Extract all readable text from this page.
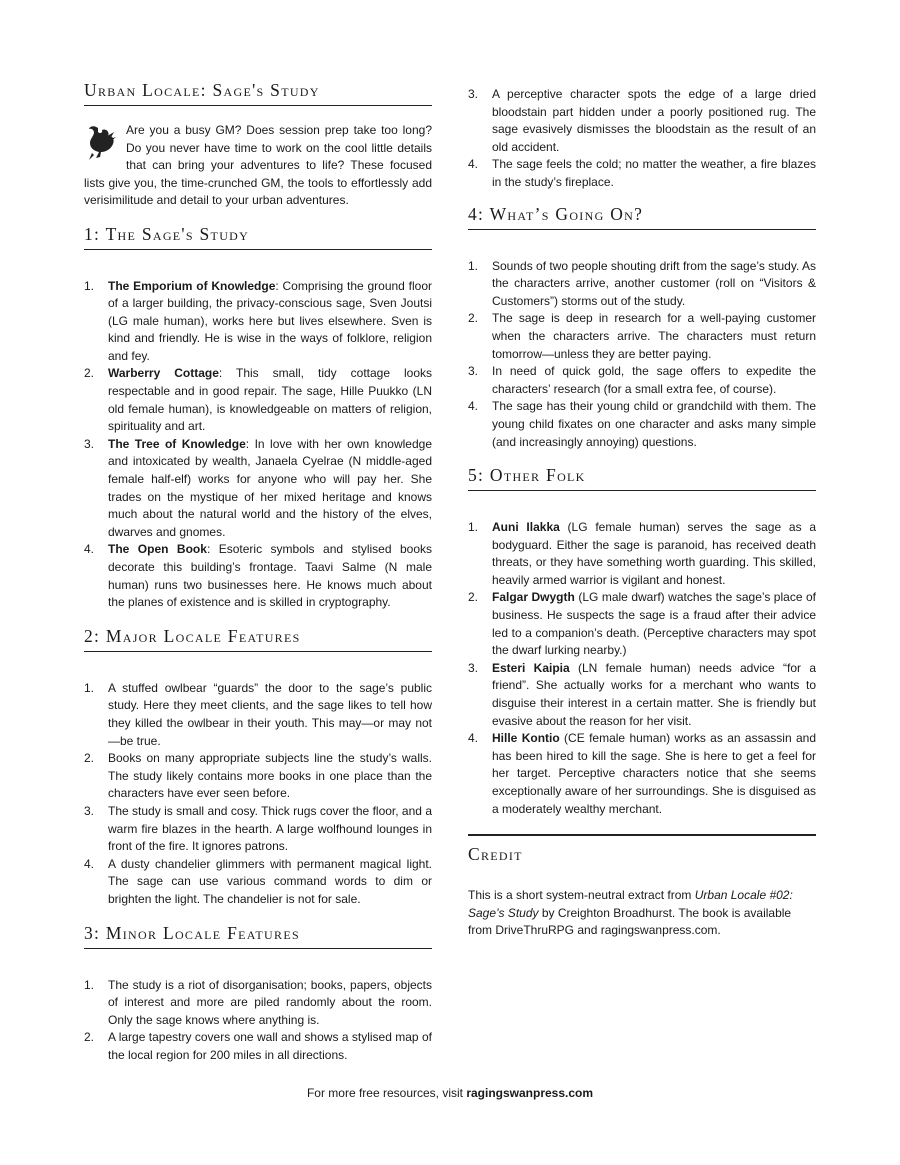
Urban Locale: Sage's Study
Are you a busy GM? Does session prep take too long? Do you never have time to work on the cool little details that can bring your adventures to life? These focused lists give you, the time-crunched GM, the tools to effortlessly add verisimilitude and detail to your urban adventures.
1: The Sage's Study
1. The Emporium of Knowledge: Comprising the ground floor of a larger building, the privacy-conscious sage, Sven Joutsi (LG male human), works here but lives elsewhere. Sven is kind and friendly. He is wise in the ways of folklore, religion and fey.
2. Warberry Cottage: This small, tidy cottage looks respectable and in good repair. The sage, Hille Puukko (LN old female human), is knowledgeable on matters of religion, spirituality and art.
3. The Tree of Knowledge: In love with her own knowledge and intoxicated by wealth, Janaela Cyelrae (N middle-aged female half-elf) works for anyone who will pay her. She trades on the mystique of her mixed heritage and knows much about the natural world and the history of the elves, dwarves and gnomes.
4. The Open Book: Esoteric symbols and stylised books decorate this building’s frontage. Taavi Salme (N male human) runs two businesses here. He knows much about the planes of existence and is skilled in cryptography.
2: Major Locale Features
1. A stuffed owlbear “guards” the door to the sage’s public study. Here they meet clients, and the sage likes to tell how they killed the owlbear in their youth. This may—or may not—be true.
2. Books on many appropriate subjects line the study’s walls. The study likely contains more books in one place than the characters have ever seen before.
3. The study is small and cosy. Thick rugs cover the floor, and a warm fire blazes in the hearth. A large wolfhound lounges in front of the fire. It ignores patrons.
4. A dusty chandelier glimmers with permanent magical light. The sage can use various command words to dim or brighten the light. The chandelier is not for sale.
3: Minor Locale Features
1. The study is a riot of disorganisation; books, papers, objects of interest and more are piled randomly about the room. Only the sage knows where anything is.
2. A large tapestry covers one wall and shows a stylised map of the local region for 200 miles in all directions.
3. A perceptive character spots the edge of a large dried bloodstain part hidden under a poorly positioned rug. The sage evasively dismisses the bloodstain as the result of an old accident.
4. The sage feels the cold; no matter the weather, a fire blazes in the study’s fireplace.
4: What’s Going On?
1. Sounds of two people shouting drift from the sage’s study. As the characters arrive, another customer (roll on “Visitors & Customers”) storms out of the study.
2. The sage is deep in research for a well-paying customer when the characters arrive. The characters must return tomorrow—unless they are better paying.
3. In need of quick gold, the sage offers to expedite the characters’ research (for a small extra fee, of course).
4. The sage has their young child or grandchild with them. The young child fixates on one character and asks many simple (and increasingly annoying) questions.
5: Other Folk
1. Auni Ilakka (LG female human) serves the sage as a bodyguard. Either the sage is paranoid, has received death threats, or they have something worth guarding. This skilled, heavily armed warrior is vigilant and honest.
2. Falgar Dwygth (LG male dwarf) watches the sage’s place of business. He suspects the sage is a fraud after their advice led to a companion’s death. (Perceptive characters may spot the dwarf lurking nearby.)
3. Esteri Kaipia (LN female human) needs advice “for a friend”. She actually works for a merchant who wants to disguise their interest in a certain matter. She is friendly but evasive about the reason for her visit.
4. Hille Kontio (CE female human) works as an assassin and has been hired to kill the sage. She is here to get a feel for her target. Perceptive characters notice that she seems exceptionally aware of her surroundings. She is disguised as a moderately wealthy merchant.
Credit
This is a short system-neutral extract from Urban Locale #02: Sage’s Study by Creighton Broadhurst. The book is available from DriveThruRPG and ragingswanpress.com.
For more free resources, visit ragingswanpress.com
